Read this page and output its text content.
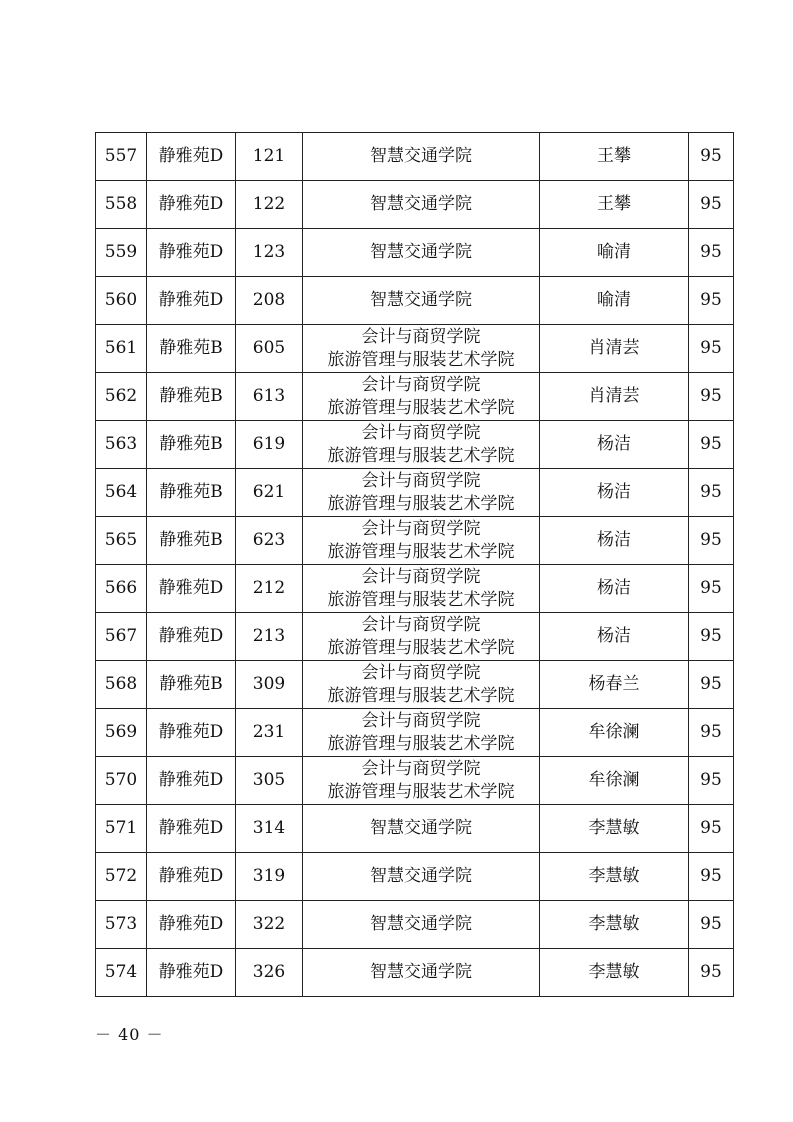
557	静雅苑D	121	智慧交通学院	王攀	95
558	静雅苑D	122	智慧交通学院	王攀	95
559	静雅苑D	123	智慧交通学院	喻清	95
560	静雅苑D	208	智慧交通学院	喻清	95
561	静雅苑B	605	会计与商贸学院
旅游管理与服装艺术学院	肖清芸	95
562	静雅苑B	613	会计与商贸学院
旅游管理与服装艺术学院	肖清芸	95
563	静雅苑B	619	会计与商贸学院
旅游管理与服装艺术学院	杨洁	95
564	静雅苑B	621	会计与商贸学院
旅游管理与服装艺术学院	杨洁	95
565	静雅苑B	623	会计与商贸学院
旅游管理与服装艺术学院	杨洁	95
566	静雅苑D	212	会计与商贸学院
旅游管理与服装艺术学院	杨洁	95
567	静雅苑D	213	会计与商贸学院
旅游管理与服装艺术学院	杨洁	95
568	静雅苑B	309	会计与商贸学院
旅游管理与服装艺术学院	杨春兰	95
569	静雅苑D	231	会计与商贸学院
旅游管理与服装艺术学院	牟徐澜	95
570	静雅苑D	305	会计与商贸学院
旅游管理与服装艺术学院	牟徐澜	95
571	静雅苑D	314	智慧交通学院	李慧敏	95
572	静雅苑D	319	智慧交通学院	李慧敏	95
573	静雅苑D	322	智慧交通学院	李慧敏	95
574	静雅苑D	326	智慧交通学院	李慧敏	95
－ 40 －
